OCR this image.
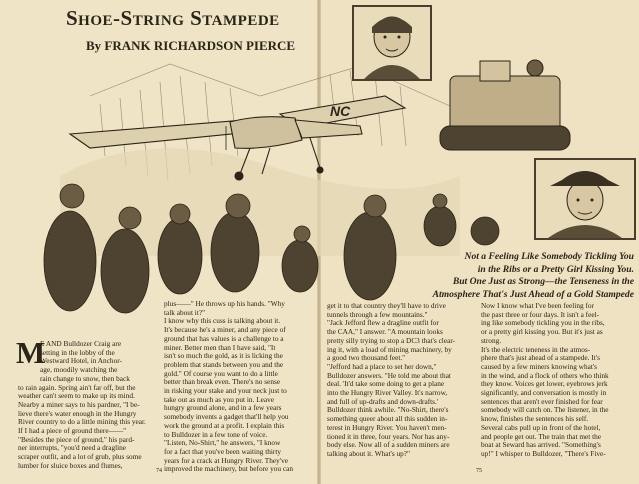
NC
Shoe-String Stampede
By FRANK RICHARDSON PIERCE
Not a Feeling Like Somebody Tickling You
in the Ribs or a Pretty Girl Kissing You.
But One Just as Strong—the Tenseness in the
Atmosphere That's Just Ahead of a Gold Stampede
M
E AND Bulldozer Craig are
setting in the lobby of the
Westward Hotel, in Anchor-
age, moodily watching the
rain change to snow, then back
to rain again. Spring ain't far off, but the
weather can't seem to make up its mind.
Nearby a miner says to his pardner, "I be-
lieve there's water enough in the Hungry
River country to do a little mining this year.
If I had a piece of ground there——"
"Besides the piece of ground," his pard-
ner interrupts, "you'd need a dragline
scraper outfit, and a lot of grub, plus some
lumber for sluice boxes and flumes,
plus——" He throws up his hands. "Why
talk about it?"
I know why this cuss is talking about it.
It's because he's a miner, and any piece of
ground that has values is a challenge to a
miner. Better men than I have said, "It
isn't so much the gold, as it is licking the
problem that stands between you and the
gold." Of course you want to do a little
better than break even. There's no sense
in risking your stake and your neck just to
take out as much as you put in. Leave
hungry ground alone, and in a few years
somebody invents a gadget that'll help you
work the ground at a profit. I explain this
to Bulldozer in a few tone of voice.
"Listen, No-Shirt," he answers, "I know
for a fact that you've been waiting thirty
years for a crack at Hungry River. They've
improved the machinery, but before you can
get it to that country they'll have to drive
tunnels through a few mountains."
"Jack Jefford flew a dragline outfit for
the CAA," I answer. "A mountain looks
pretty silly trying to stop a DC3 that's clear-
ing it, with a load of mining machinery, by
a good two thousand feet."
"Jefford had a place to set her down,"
Bulldozer answers. "He told me about that
deal. 'It'd take some doing to get a plane
into the Hungry River Valley. It's narrow,
and full of up-drafts and down-drafts.'
Bulldozer think awhile. "No-Shirt, there's
something queer about all this sudden in-
terest in Hungry River. You haven't men-
tioned it in three, four years. Nor has any-
body else. Now all of a sudden miners are
talking about it. What's up?"
Now I know what I've been feeling for
the past three or four days. It isn't a feel-
ing like somebody tickling you in the ribs,
or a pretty girl kissing you. But it's just as
strong.
It's the electric teneness in the atmos-
phere that's just ahead of a stampede. It's
caused by a few miners knowing what's
in the wind, and a flock of others who think
they know. Voices get lower, eyebrows jerk
significantly, and conversation is mostly in
sentences that aren't ever finished for fear
somebody will catch on. The listener, in the
know, finishes the sentences his self.
Several cabs pull up in front of the hotel,
and people get out. The train that met the
boat at Seward has arrived. "Something's
up!" I whisper to Bulldozer, "There's Five-
74	75
